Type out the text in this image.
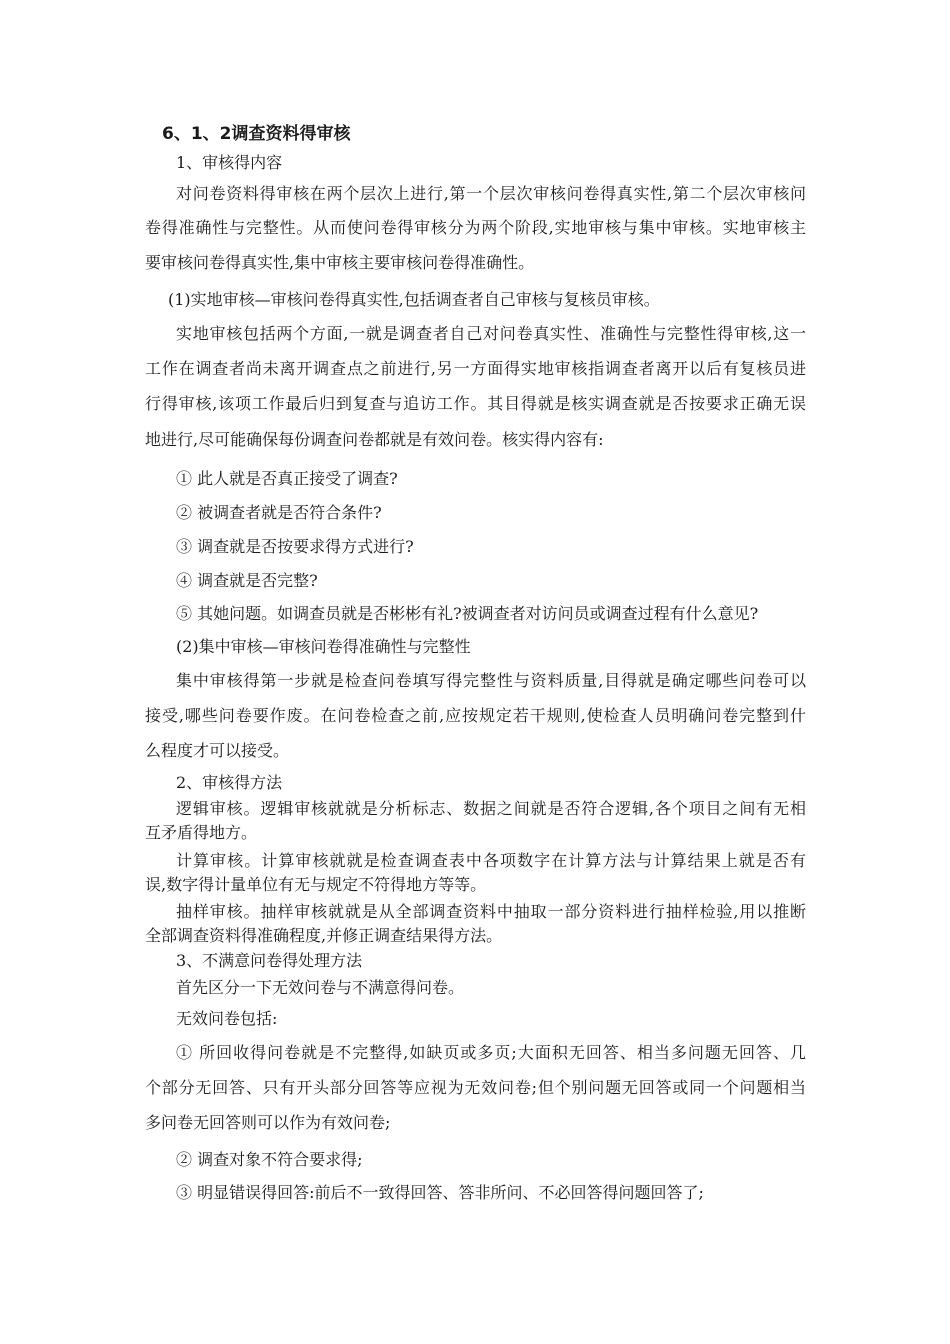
6、1、2调查资料得审核
1、审核得内容
对问卷资料得审核在两个层次上进行,第一个层次审核问卷得真实性,第二个层次审核问
卷得准确性与完整性。从而使问卷得审核分为两个阶段,实地审核与集中审核。实地审核主
要审核问卷得真实性,集中审核主要审核问卷得准确性。
(1)实地审核—审核问卷得真实性,包括调查者自己审核与复核员审核。
实地审核包括两个方面,一就是调查者自己对问卷真实性、准确性与完整性得审核,这一
工作在调查者尚未离开调查点之前进行,另一方面得实地审核指调查者离开以后有复核员进
行得审核,该项工作最后归到复查与追访工作。其目得就是核实调查就是否按要求正确无误
地进行,尽可能确保每份调查问卷都就是有效问卷。核实得内容有:
① 此人就是否真正接受了调查?
② 被调查者就是否符合条件?
③ 调查就是否按要求得方式进行?
④ 调查就是否完整?
⑤ 其她问题。如调查员就是否彬彬有礼?被调查者对访问员或调查过程有什么意见?
(2)集中审核—审核问卷得准确性与完整性
集中审核得第一步就是检查问卷填写得完整性与资料质量,目得就是确定哪些问卷可以
接受,哪些问卷要作废。在问卷检查之前,应按规定若干规则,使检查人员明确问卷完整到什
么程度才可以接受。
2、审核得方法
逻辑审核。逻辑审核就就是分析标志、数据之间就是否符合逻辑,各个项目之间有无相
互矛盾得地方。
计算审核。计算审核就就是检查调查表中各项数字在计算方法与计算结果上就是否有
误,数字得计量单位有无与规定不符得地方等等。
抽样审核。抽样审核就就是从全部调查资料中抽取一部分资料进行抽样检验,用以推断
全部调查资料得准确程度,并修正调查结果得方法。
3、不满意问卷得处理方法
首先区分一下无效问卷与不满意得问卷。
无效问卷包括:
① 所回收得问卷就是不完整得,如缺页或多页;大面积无回答、相当多问题无回答、几
个部分无回答、只有开头部分回答等应视为无效问卷;但个别问题无回答或同一个问题相当
多问卷无回答则可以作为有效问卷;
② 调查对象不符合要求得;
③ 明显错误得回答:前后不一致得回答、答非所问、不必回答得问题回答了;
